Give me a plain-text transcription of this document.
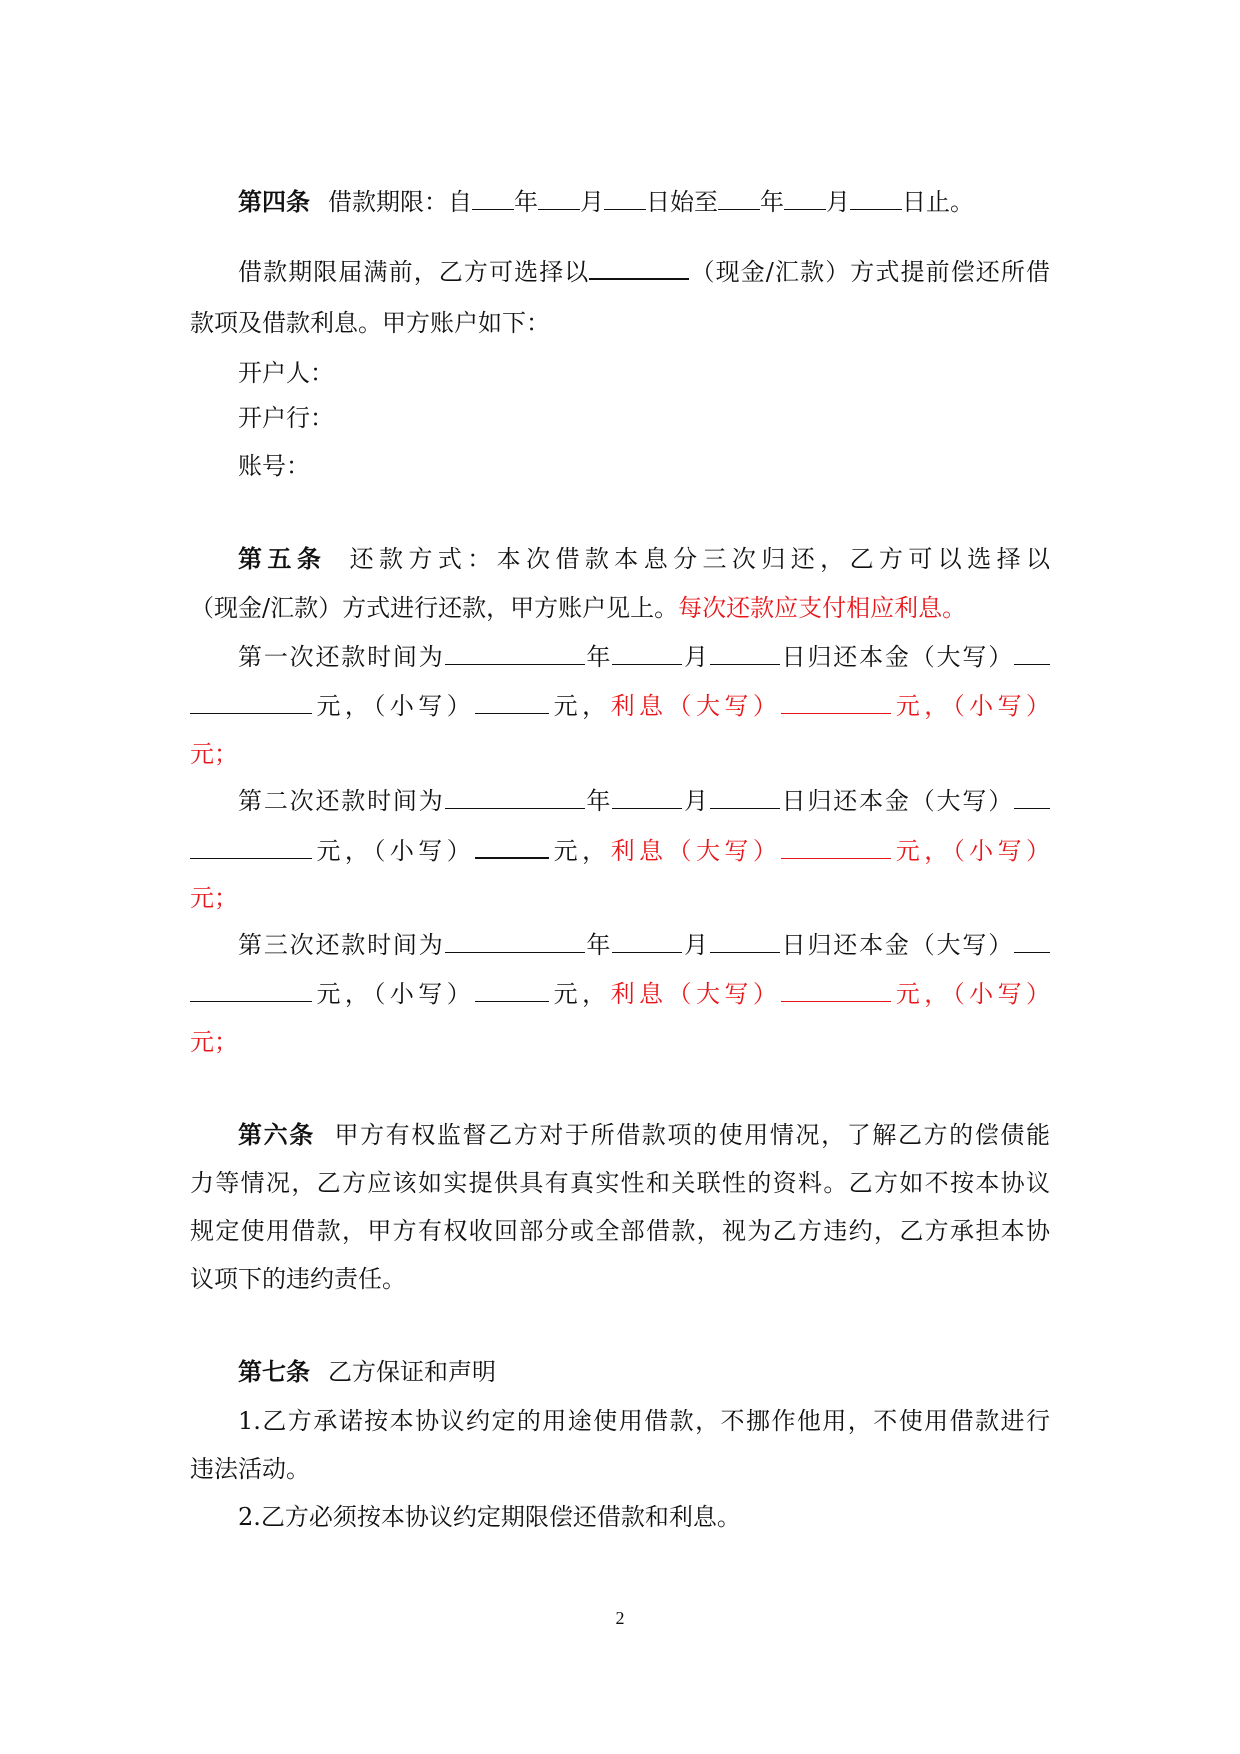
第四条 借款期限：自 年 月 日始至 年 月 日止。
借款期限届满前，乙方可选择以	（现金/汇款）方式提前偿还所借
款项及借款利息。甲方账户如下：
开户人：
开户行：
账号：
第五条 还款方式：本次借款本息分三次归还，乙方可以选择以
（现金/汇款）方式进行还款，甲方账户见上。每次还款应支付相应利息。
第一次还款时间为	年	月	日归还本金（大写）
元，（小写）	元，利息（大写）	元，（小写）
元；
第二次还款时间为	年	月	日归还本金（大写）
元，（小写）	元，利息（大写）	元，（小写）
元；
第三次还款时间为	年	月	日归还本金（大写）
元，（小写）	元，利息（大写）	元，（小写）
元；
第六条 甲方有权监督乙方对于所借款项的使用情况，了解乙方的偿债能
力等情况，乙方应该如实提供具有真实性和关联性的资料。乙方如不按本协议
规定使用借款，甲方有权收回部分或全部借款，视为乙方违约，乙方承担本协
议项下的违约责任。
第七条 乙方保证和声明
1.乙方承诺按本协议约定的用途使用借款，不挪作他用，不使用借款进行
违法活动。
2.乙方必须按本协议约定期限偿还借款和利息。
2
